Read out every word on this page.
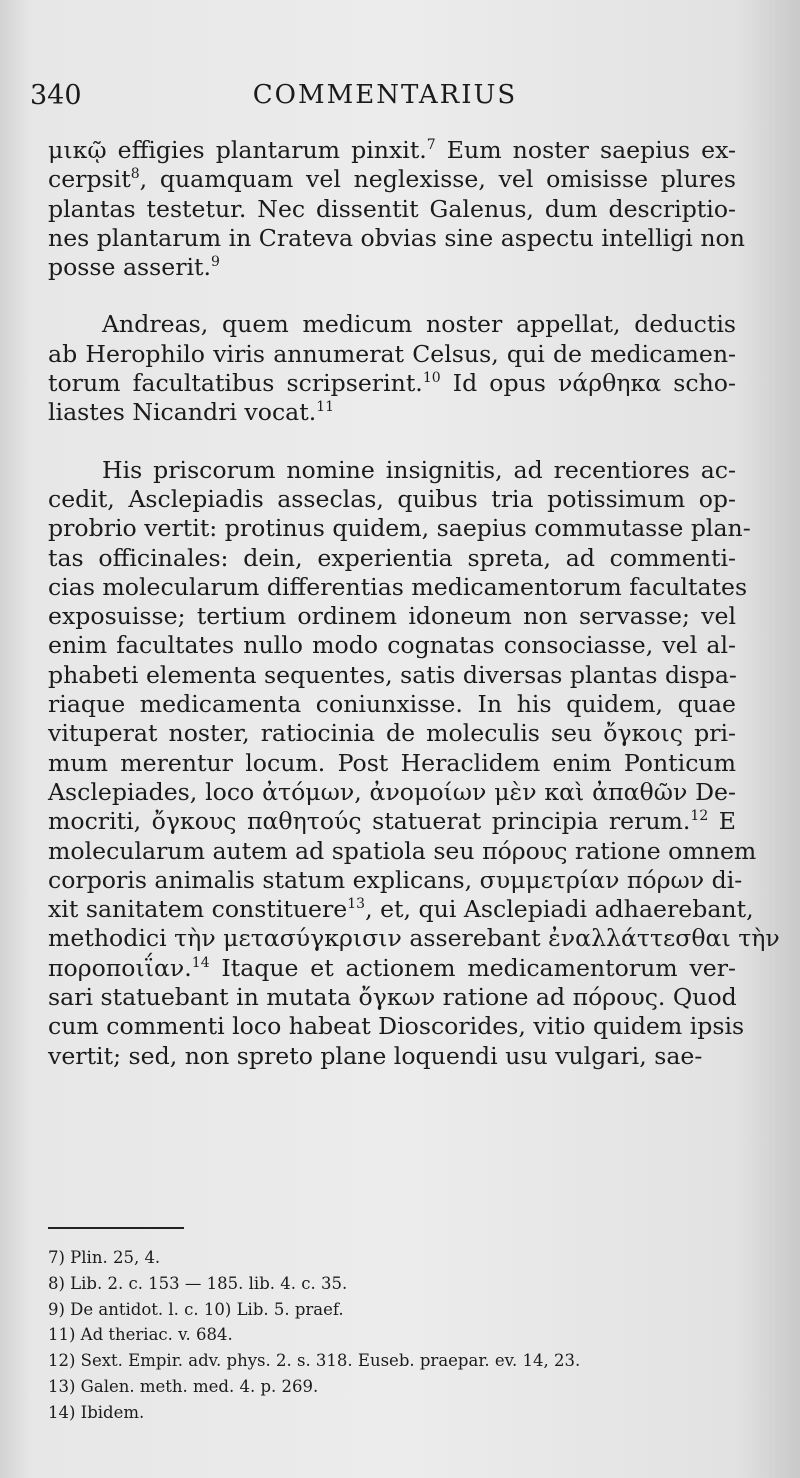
340	COMMENTARIUS
μικῷ effigies plantarum pinxit.$^7$ Eum noster saepius ex-
cerpsit$^8$, quamquam vel neglexisse, vel omisisse plures
plantas testetur. Nec dissentit Galenus, dum descriptio-
nes plantarum in Crateva obvias sine aspectu intelligi non
posse asserit.$^9$
Andreas, quem medicum noster appellat, deductis
ab Herophilo viris annumerat Celsus, qui de medicamen-
torum facultatibus scripserint.$^{10}$ Id opus νάρθηκα scho-
liastes Nicandri vocat.$^{11}$
His priscorum nomine insignitis, ad recentiores ac-
cedit, Asclepiadis asseclas, quibus tria potissimum op-
probrio vertit: protinus quidem, saepius commutasse plan-
tas officinales: dein, experientia spreta, ad commenti-
cias molecularum differentias medicamentorum facultates
exposuisse; tertium ordinem idoneum non servasse; vel
enim facultates nullo modo cognatas consociasse, vel al-
phabeti elementa sequentes, satis diversas plantas dispa-
riaque medicamenta coniunxisse. In his quidem, quae
vituperat noster, ratiocinia de moleculis seu ὄγκοις pri-
mum merentur locum. Post Heraclidem enim Ponticum
Asclepiades, loco ἀτόμων, ἀνομοίων μὲν καὶ ἀπαθῶν De-
mocriti, ὄγκους παθητούς statuerat principia rerum.$^{12}$ E
molecularum autem ad spatiola seu πόρους ratione omnem
corporis animalis statum explicans, συμμετρίαν πόρων di-
xit sanitatem constituere$^{13}$, et, qui Asclepiadi adhaerebant,
methodici τὴν μετασύγκρισιν asserebant ἐναλλάττεσθαι τὴν
ποροποιΐαν.$^{14}$ Itaque et actionem medicamentorum ver-
sari statuebant in mutata ὄγκων ratione ad πόρους. Quod
cum commenti loco habeat Dioscorides, vitio quidem ipsis
vertit; sed, non spreto plane loquendi usu vulgari, sae-
7) Plin. 25, 4.
8) Lib. 2. c. 153 — 185. lib. 4. c. 35.
9) De antidot. l. c. 10) Lib. 5. praef.
11) Ad theriac. v. 684.
12) Sext. Empir. adv. phys. 2. s. 318. Euseb. praepar. ev. 14, 23.
13) Galen. meth. med. 4. p. 269.
14) Ibidem.
